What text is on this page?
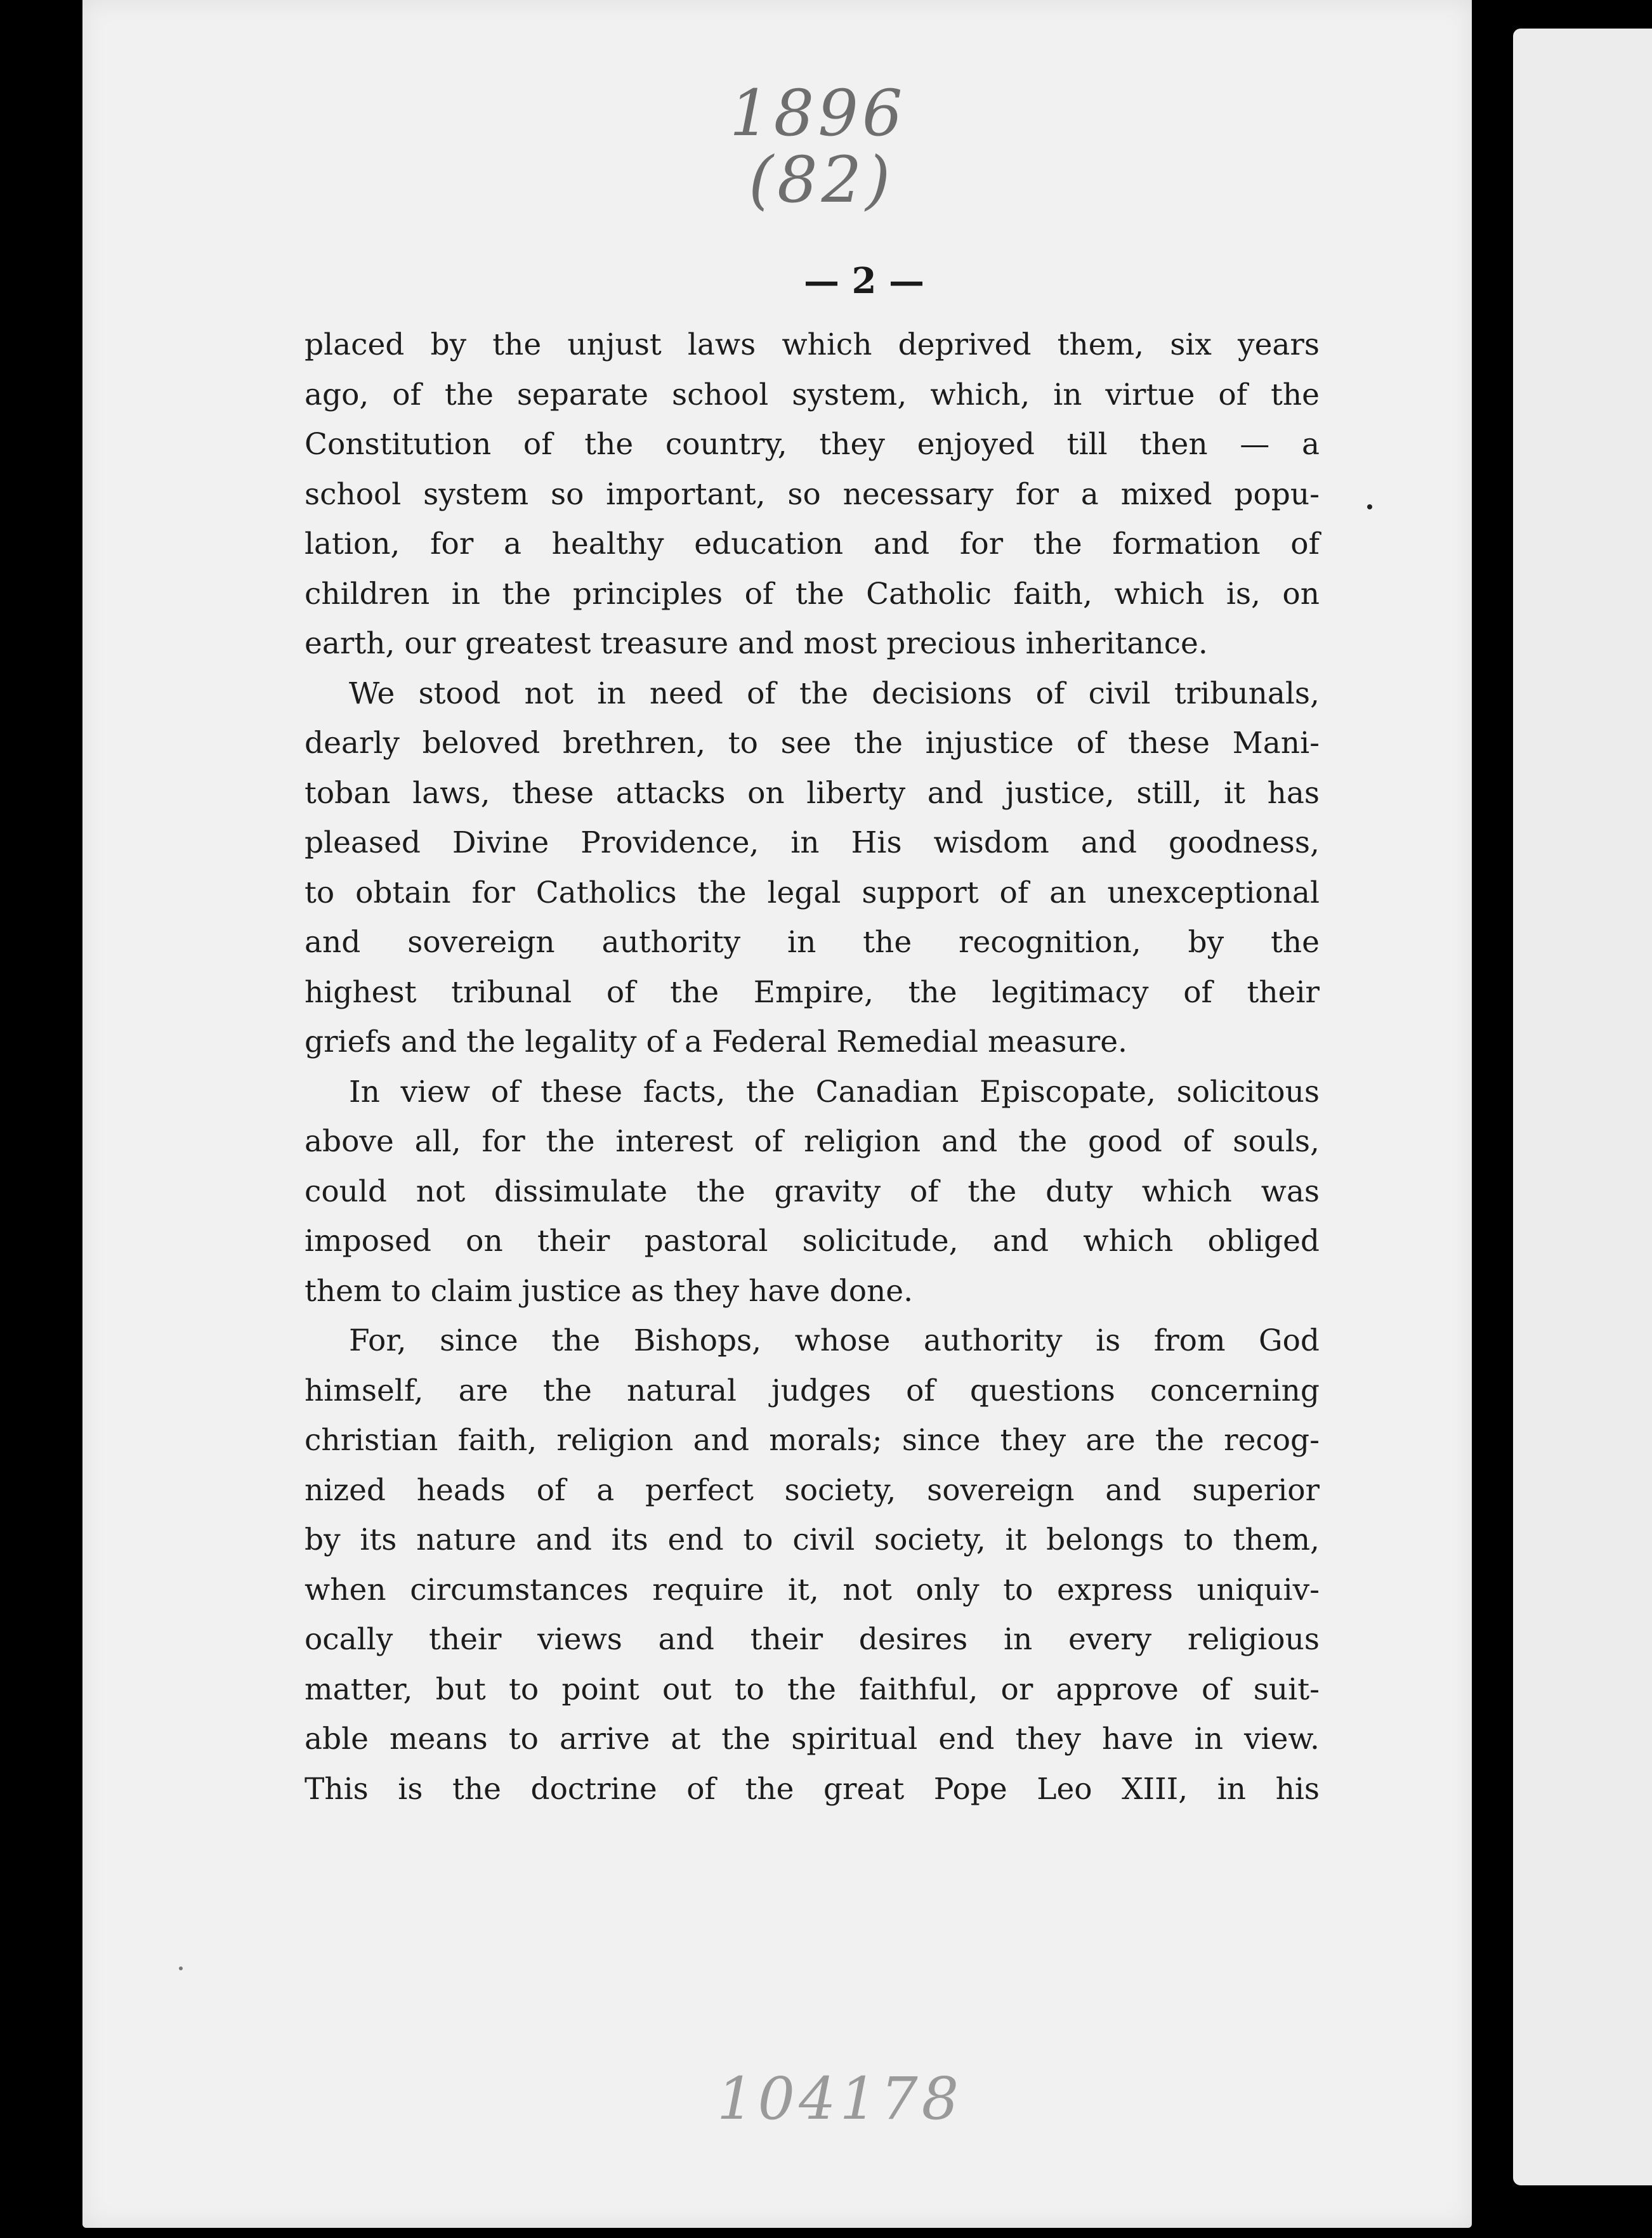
1896
(82)
— 2 —
placed by the unjust laws which deprived them, six years
ago, of the separate school system, which, in virtue of the
Constitution of the country, they enjoyed till then — a
school system so important, so necessary for a mixed popu-
lation, for a healthy education and for the formation of
children in the principles of the Catholic faith, which is, on
earth, our greatest treasure and most precious inheritance.
We stood not in need of the decisions of civil tribunals,
dearly beloved brethren, to see the injustice of these Mani-
toban laws, these attacks on liberty and justice, still, it has
pleased Divine Providence, in His wisdom and goodness,
to obtain for Catholics the legal support of an unexceptional
and sovereign authority in the recognition, by the
highest tribunal of the Empire, the legitimacy of their
griefs and the legality of a Federal Remedial measure.
In view of these facts, the Canadian Episcopate, solicitous
above all, for the interest of religion and the good of souls,
could not dissimulate the gravity of the duty which was
imposed on their pastoral solicitude, and which obliged
them to claim justice as they have done.
For, since the Bishops, whose authority is from God
himself, are the natural judges of questions concerning
christian faith, religion and morals; since they are the recog-
nized heads of a perfect society, sovereign and superior
by its nature and its end to civil society, it belongs to them,
when circumstances require it, not only to express uniquiv-
ocally their views and their desires in every religious
matter, but to point out to the faithful, or approve of suit-
able means to arrive at the spiritual end they have in view.
This is the doctrine of the great Pope Leo XIII, in his
104178
